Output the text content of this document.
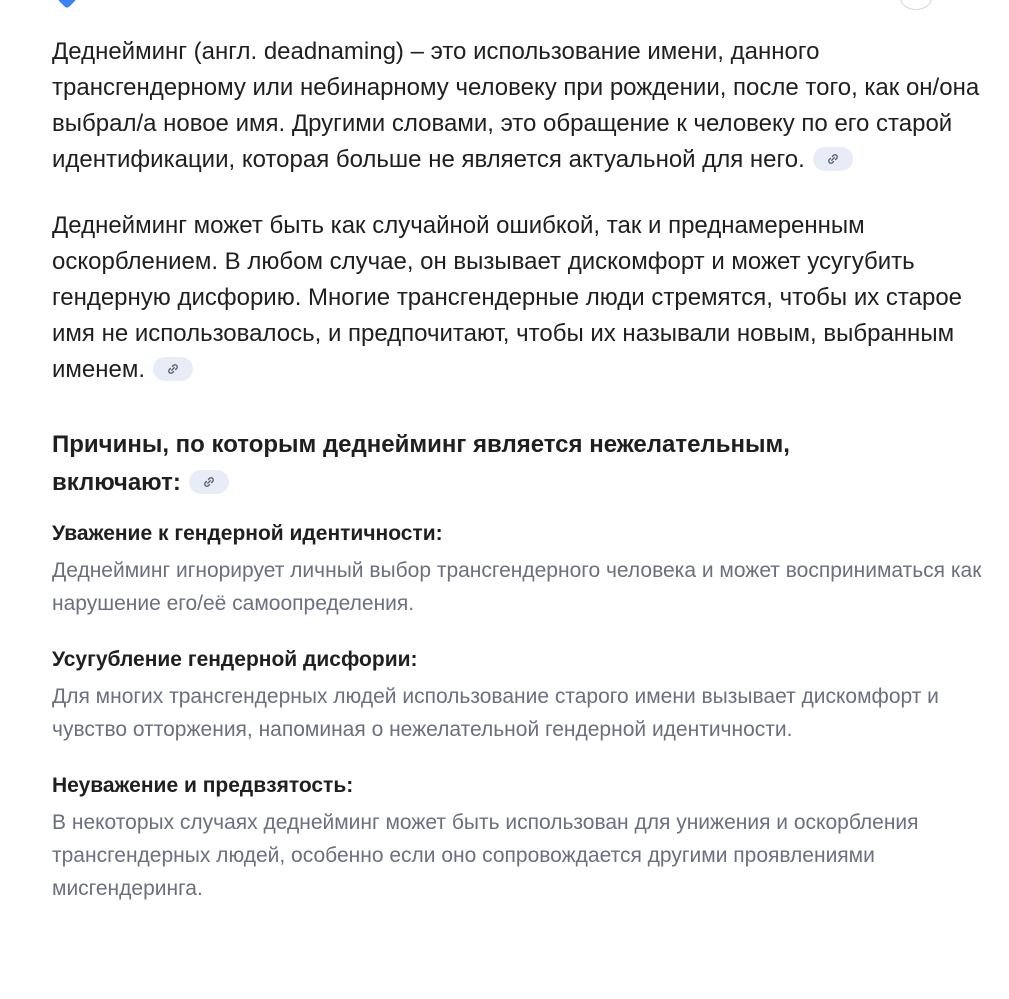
Деднейминг (англ. deadnaming) – это использование имени, данного трансгендерному или небинарному человеку при рождении, после того, как он/она выбрал/а новое имя. Другими словами, это обращение к человеку по его старой идентификации, которая больше не является актуальной для него.

Деднейминг может быть как случайной ошибкой, так и преднамеренным оскорблением. В любом случае, он вызывает дискомфорт и может усугубить гендерную дисфорию. Многие трансгендерные люди стремятся, чтобы их старое имя не использовалось, и предпочитают, чтобы их называли новым, выбранным именем.

Причины, по которым деднейминг является нежелательным, включают:
Уважение к гендерной идентичности:
Деднейминг игнорирует личный выбор трансгендерного человека и может восприниматься как нарушение его/её самоопределения.
Усугубление гендерной дисфории:
Для многих трансгендерных людей использование старого имени вызывает дискомфорт и чувство отторжения, напоминая о нежелательной гендерной идентичности.
Неуважение и предвзятость:
В некоторых случаях деднейминг может быть использован для унижения и оскорбления трансгендерных людей, особенно если оно сопровождается другими проявлениями мисгендеринга.
